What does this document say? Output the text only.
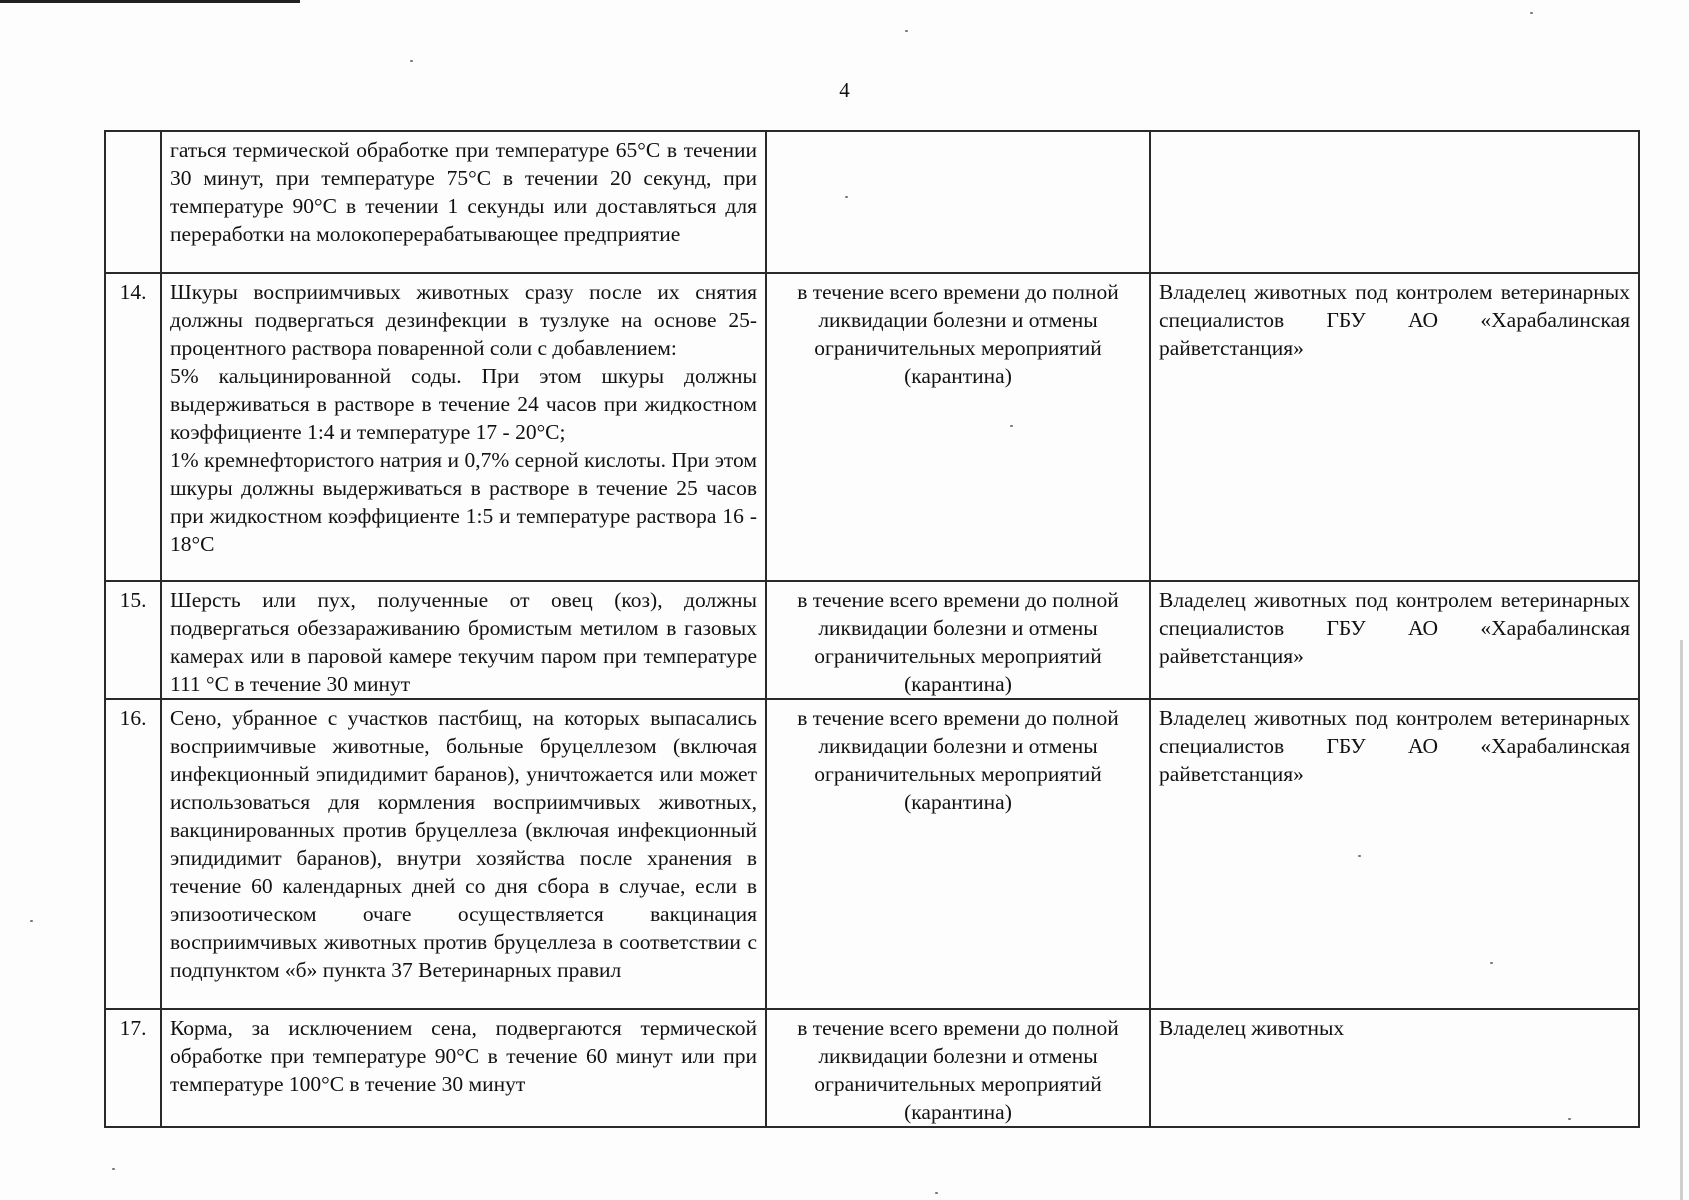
4

	гаться термической обработке при температуре 65°С в течении 30 минут, при температуре 75°С в течении 20 секунд, при температуре 90°С в течении 1 секунды или доставляться для переработки на молокоперерабатывающее предприятие		

14.	Шкуры восприимчивых животных сразу после их снятия должны подвергаться дезинфекции в тузлуке на основе 25-процентного раствора поваренной соли с добавлением:
5% кальцинированной соды. При этом шкуры должны выдерживаться в растворе в течение 24 часов при жидкостном коэффициенте 1:4 и температуре 17 - 20°С;
1% кремнефтористого натрия и 0,7% серной кислоты. При этом шкуры должны выдерживаться в растворе в течение 25 часов при жидкостном коэффициенте 1:5 и температуре раствора 16 - 18°С	в течение всего времени до полной ликвидации болезни и отмены ограничительных мероприятий (карантина)	Владелец животных под контролем ветеринарных специалистов ГБУ АО «Харабалинская райветстанция»
15.	Шерсть или пух, полученные от овец (коз), должны подвергаться обеззараживанию бромистым метилом в газовых камерах или в паровой камере текучим паром при температуре 111 °С в течение 30 минут	в течение всего времени до полной ликвидации болезни и отмены ограничительных мероприятий (карантина)	Владелец животных под контролем ветеринарных специалистов ГБУ АО «Харабалинская райветстанция»
16.	Сено, убранное с участков пастбищ, на которых выпасались восприимчивые животные, больные бруцеллезом (включая инфекционный эпидидимит баранов), уничтожается или может использоваться для кормления восприимчивых животных, вакцинированных против бруцеллеза (включая инфекционный эпидидимит баранов), внутри хозяйства после хранения в течение 60 календарных дней со дня сбора в случае, если в эпизоотическом очаге осуществляется вакцинация восприимчивых животных против бруцеллеза в соответствии с подпунктом «б» пункта 37 Ветеринарных правил	в течение всего времени до полной ликвидации болезни и отмены ограничительных мероприятий (карантина)	Владелец животных под контролем ветеринарных специалистов ГБУ АО «Харабалинская райветстанция»
17.	Корма, за исключением сена, подвергаются термической обработке при температуре 90°С в течение 60 минут или при температуре 100°С в течение 30 минут	в течение всего времени до полной ликвидации болезни и отмены ограничительных мероприятий (карантина)	Владелец животных
